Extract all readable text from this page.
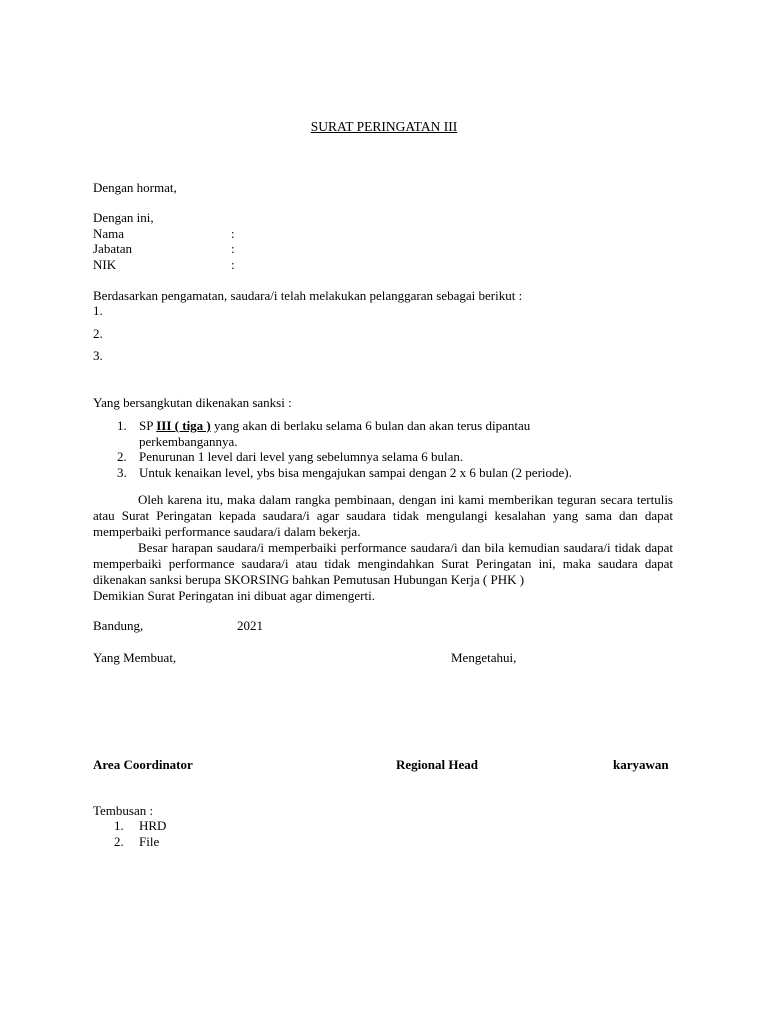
SURAT PERINGATAN III
Dengan hormat,
Dengan ini,
Nama	:
Jabatan	:
NIK	:
Berdasarkan pengamatan, saudara/i telah melakukan pelanggaran sebagai berikut :
1.
2.
3.
Yang bersangkutan dikenakan sanksi :
1. SP III ( tiga ) yang akan di berlaku selama 6 bulan dan akan terus dipantau
perkembangannya.
2. Penurunan 1 level dari level yang sebelumnya selama 6 bulan.
3. Untuk kenaikan level, ybs bisa mengajukan sampai dengan 2 x 6 bulan (2 periode).
Oleh karena itu, maka dalam rangka pembinaan, dengan ini kami memberikan teguran secara tertulis atau Surat Peringatan kepada saudara/i agar saudara tidak mengulangi kesalahan yang sama dan dapat memperbaiki performance saudara/i dalam bekerja.
Besar harapan saudara/i memperbaiki performance saudara/i dan bila kemudian saudara/i tidak dapat memperbaiki performance saudara/i atau tidak mengindahkan Surat Peringatan ini, maka saudara dapat dikenakan sanksi berupa SKORSING bahkan Pemutusan Hubungan Kerja ( PHK )
Demikian Surat Peringatan ini dibuat agar dimengerti.
Bandung,	2021
Yang Membuat,	Mengetahui,
Area Coordinator	Regional Head	karyawan
Tembusan :
1. HRD
2. File
